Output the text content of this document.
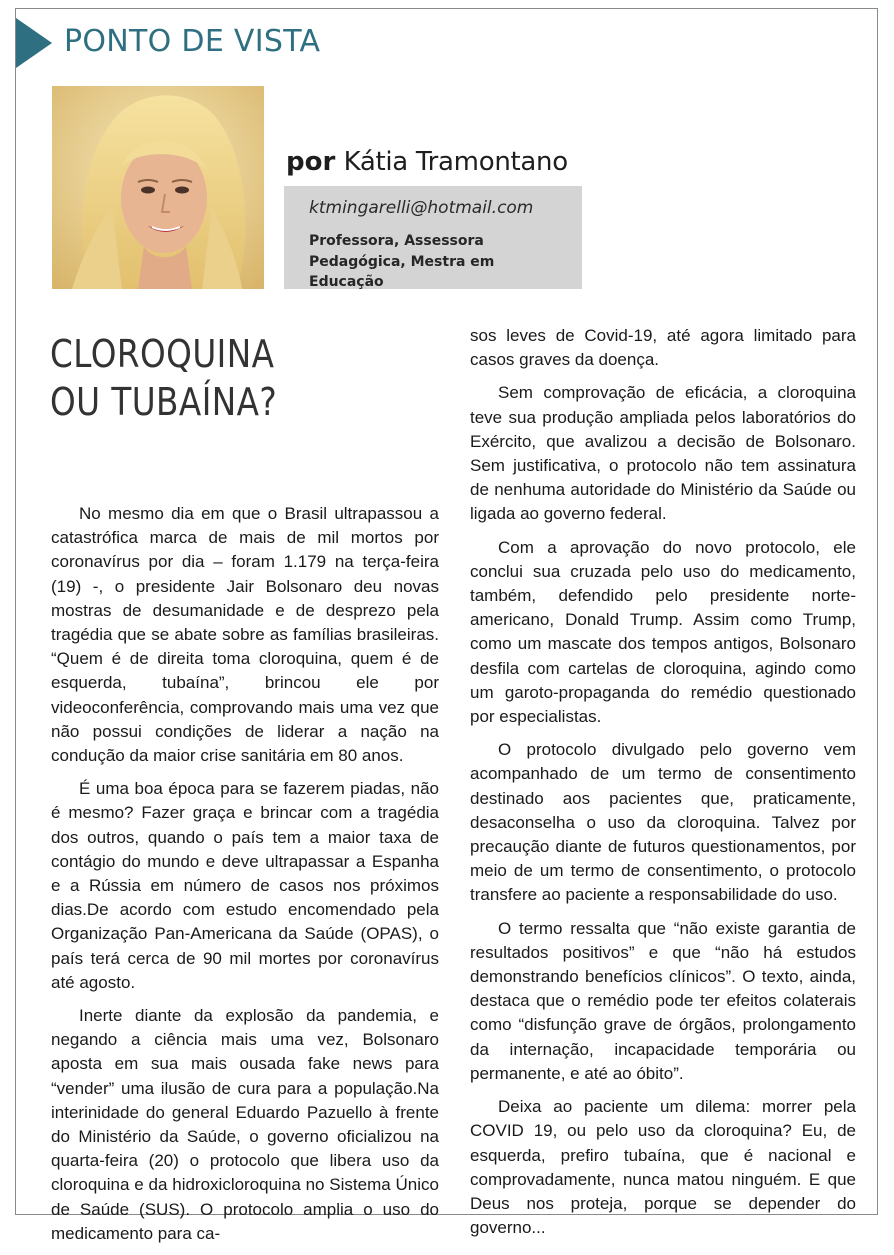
PONTO DE VISTA
por Kátia Tramontano
ktmingarelli@hotmail.com
Professora, Assessora Pedagógica, Mestra em Educação
CLOROQUINA
OU TUBAÍNA?

No mesmo dia em que o Brasil ultrapassou a catastrófica marca de mais de mil mortos por coronavírus por dia – foram 1.179 na terça-feira (19) -, o presidente Jair Bolsonaro deu novas mostras de desumanidade e de desprezo pela tragédia que se abate sobre as famílias brasileiras. “Quem é de direita toma cloroquina, quem é de esquerda, tubaína”, brincou ele por videoconferência, comprovando mais uma vez que não possui condições de liderar a nação na condução da maior crise sanitária em 80 anos.

É uma boa época para se fazerem piadas, não é mesmo? Fazer graça e brincar com a tragédia dos outros, quando o país tem a maior taxa de contágio do mundo e deve ultrapassar a Espanha e a Rússia em número de casos nos próximos dias.De acordo com estudo encomendado pela Organização Pan-Americana da Saúde (OPAS), o país terá cerca de 90 mil mortes por coronavírus até agosto.

Inerte diante da explosão da pandemia, e negando a ciência mais uma vez, Bolsonaro aposta em sua mais ousada fake news para “vender” uma ilusão de cura para a população.Na interinidade do general Eduardo Pazuello à frente do Ministério da Saúde, o governo oficializou na quarta-feira (20) o protocolo que libera uso da cloroquina e da hidroxicloroquina no Sistema Único de Saúde (SUS). O protocolo amplia o uso do medicamento para ca-

sos leves de Covid-19, até agora limitado para casos graves da doença.

Sem comprovação de eficácia, a cloroquina teve sua produção ampliada pelos laboratórios do Exército, que avalizou a decisão de Bolsonaro. Sem justificativa, o protocolo não tem assinatura de nenhuma autoridade do Ministério da Saúde ou ligada ao governo federal.

Com a aprovação do novo protocolo, ele conclui sua cruzada pelo uso do medicamento, também, defendido pelo presidente norte-americano, Donald Trump. Assim como Trump, como um mascate dos tempos antigos, Bolsonaro desfila com cartelas de cloroquina, agindo como um garoto-propaganda do remédio questionado por especialistas.

O protocolo divulgado pelo governo vem acompanhado de um termo de consentimento destinado aos pacientes que, praticamente, desaconselha o uso da cloroquina. Talvez por precaução diante de futuros questionamentos, por meio de um termo de consentimento, o protocolo transfere ao paciente a responsabilidade do uso.

O termo ressalta que “não existe garantia de resultados positivos” e que “não há estudos demonstrando benefícios clínicos”. O texto, ainda, destaca que o remédio pode ter efeitos colaterais como “disfunção grave de órgãos, prolongamento da internação, incapacidade temporária ou permanente, e até ao óbito”.

Deixa ao paciente um dilema: morrer pela COVID 19, ou pelo uso da cloroquina? Eu, de esquerda, prefiro tubaína, que é nacional e comprovadamente, nunca matou ninguém. E que Deus nos proteja, porque se depender do governo...
